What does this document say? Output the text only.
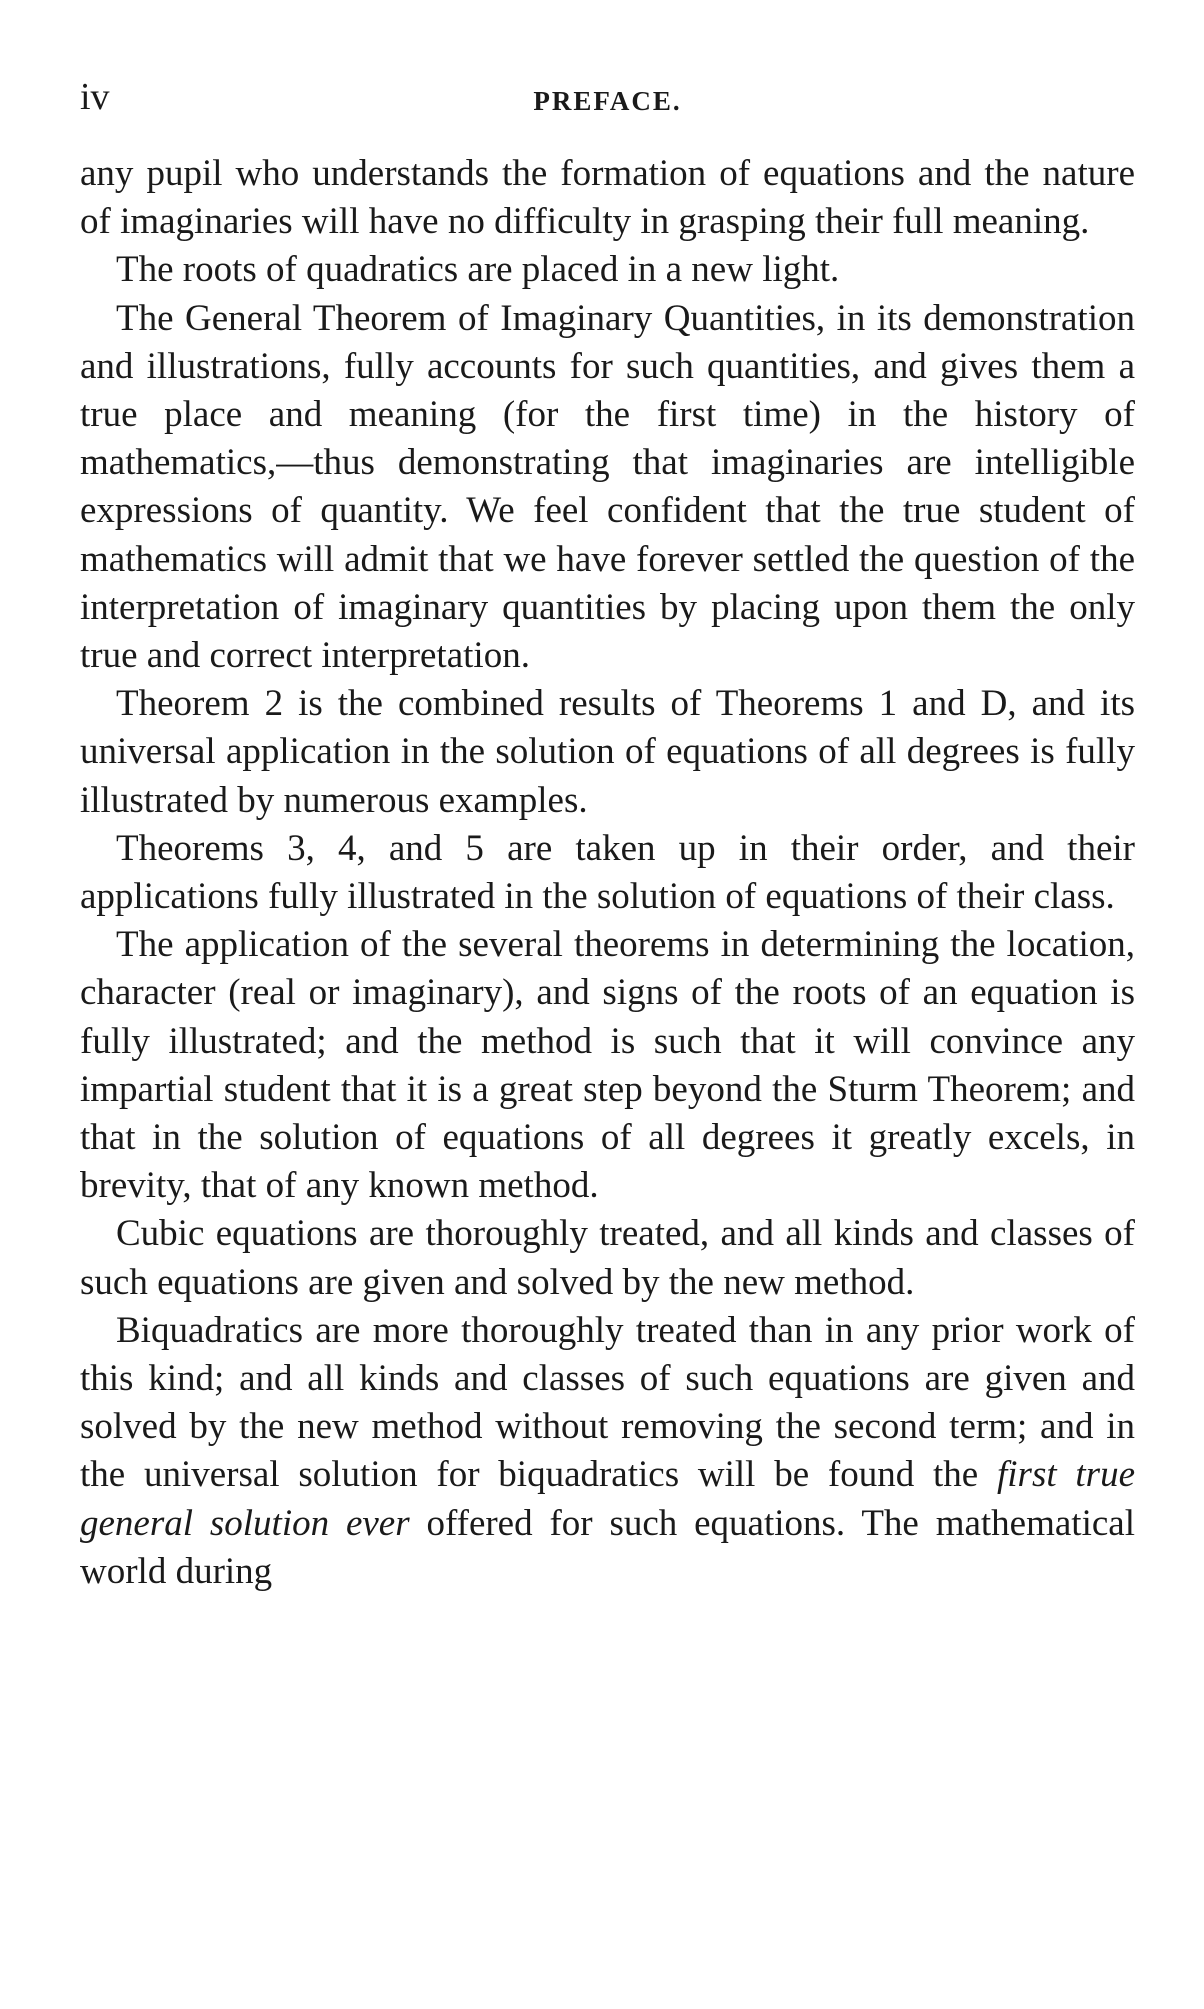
iv	PREFACE.

any pupil who understands the formation of equations and the nature of imaginaries will have no difficulty in grasping their full meaning.

The roots of quadratics are placed in a new light.

The General Theorem of Imaginary Quantities, in its demonstration and illustrations, fully accounts for such quantities, and gives them a true place and meaning (for the first time) in the history of mathematics,—thus demonstrating that imaginaries are intelligible expressions of quantity. We feel confident that the true student of mathematics will admit that we have forever settled the question of the interpretation of imaginary quantities by placing upon them the only true and correct interpretation.

Theorem 2 is the combined results of Theorems 1 and D, and its universal application in the solution of equations of all degrees is fully illustrated by numerous examples.

Theorems 3, 4, and 5 are taken up in their order, and their applications fully illustrated in the solution of equations of their class.

The application of the several theorems in determining the location, character (real or imaginary), and signs of the roots of an equation is fully illustrated; and the method is such that it will convince any impartial student that it is a great step beyond the Sturm Theorem; and that in the solution of equations of all degrees it greatly excels, in brevity, that of any known method.

Cubic equations are thoroughly treated, and all kinds and classes of such equations are given and solved by the new method.

Biquadratics are more thoroughly treated than in any prior work of this kind; and all kinds and classes of such equations are given and solved by the new method without removing the second term; and in the universal solution for biquadratics will be found the first true general solution ever offered for such equations. The mathematical world during
